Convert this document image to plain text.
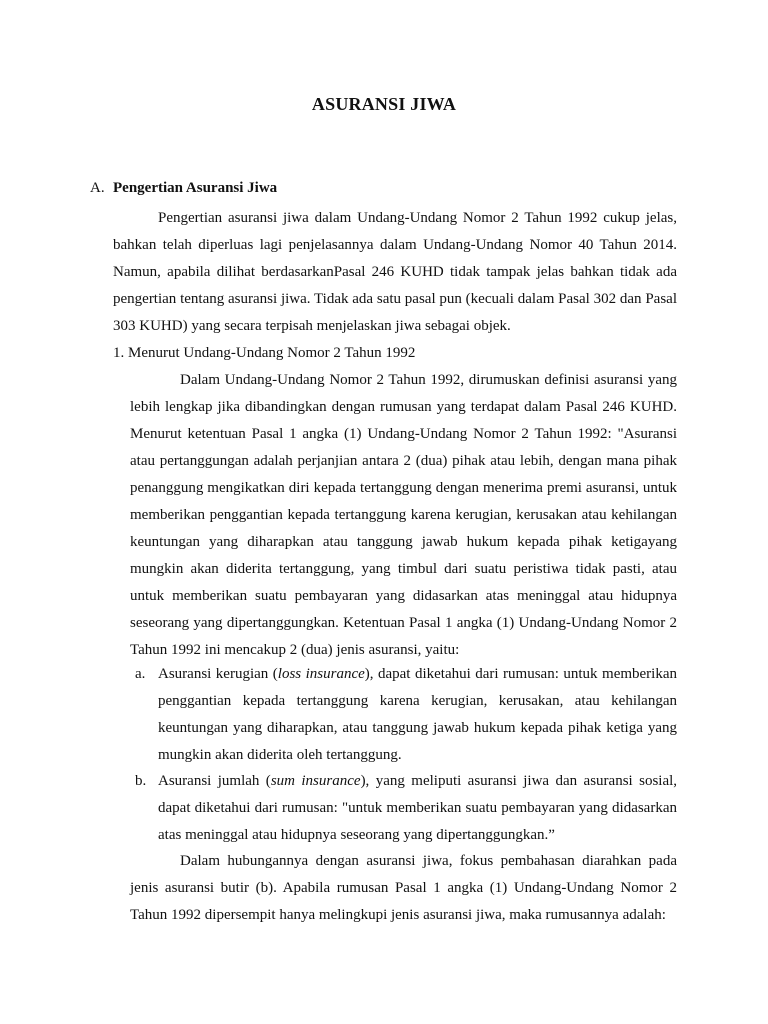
ASURANSI JIWA
A. Pengertian Asuransi Jiwa

Pengertian asuransi jiwa dalam Undang-Undang Nomor 2 Tahun 1992 cukup jelas, bahkan telah diperluas lagi penjelasannya dalam Undang-Undang Nomor 40 Tahun 2014. Namun, apabila dilihat berdasarkanPasal 246 KUHD tidak tampak jelas bahkan tidak ada pengertian tentang asuransi jiwa. Tidak ada satu pasal pun (kecuali dalam Pasal 302 dan Pasal 303 KUHD) yang secara terpisah menjelaskan jiwa sebagai objek.

1. Menurut Undang-Undang Nomor 2 Tahun 1992

Dalam Undang-Undang Nomor 2 Tahun 1992, dirumuskan definisi asuransi yang lebih lengkap jika dibandingkan dengan rumusan yang terdapat dalam Pasal 246 KUHD. Menurut ketentuan Pasal 1 angka (1) Undang-Undang Nomor 2 Tahun 1992: "Asuransi atau pertanggungan adalah perjanjian antara 2 (dua) pihak atau lebih, dengan mana pihak penanggung mengikatkan diri kepada tertanggung dengan menerima premi asuransi, untuk memberikan penggantian kepada tertanggung karena kerugian, kerusakan atau kehilangan keuntungan yang diharapkan atau tanggung jawab hukum kepada pihak ketigayang mungkin akan diderita tertanggung, yang timbul dari suatu peristiwa tidak pasti, atau untuk memberikan suatu pembayaran yang didasarkan atas meninggal atau hidupnya seseorang yang dipertanggungkan. Ketentuan Pasal 1 angka (1) Undang-Undang Nomor 2 Tahun 1992 ini mencakup 2 (dua) jenis asuransi, yaitu:

a. Asuransi kerugian (loss insurance), dapat diketahui dari rumusan: untuk memberikan penggantian kepada tertanggung karena kerugian, kerusakan, atau kehilangan keuntungan yang diharapkan, atau tanggung jawab hukum kepada pihak ketiga yang mungkin akan diderita oleh tertanggung.
b. Asuransi jumlah (sum insurance), yang meliputi asuransi jiwa dan asuransi sosial, dapat diketahui dari rumusan: "untuk memberikan suatu pembayaran yang didasarkan atas meninggal atau hidupnya seseorang yang dipertanggungkan.”

Dalam hubungannya dengan asuransi jiwa, fokus pembahasan diarahkan pada jenis asuransi butir (b). Apabila rumusan Pasal 1 angka (1) Undang-Undang Nomor 2 Tahun 1992 dipersempit hanya melingkupi jenis asuransi jiwa, maka rumusannya adalah:
